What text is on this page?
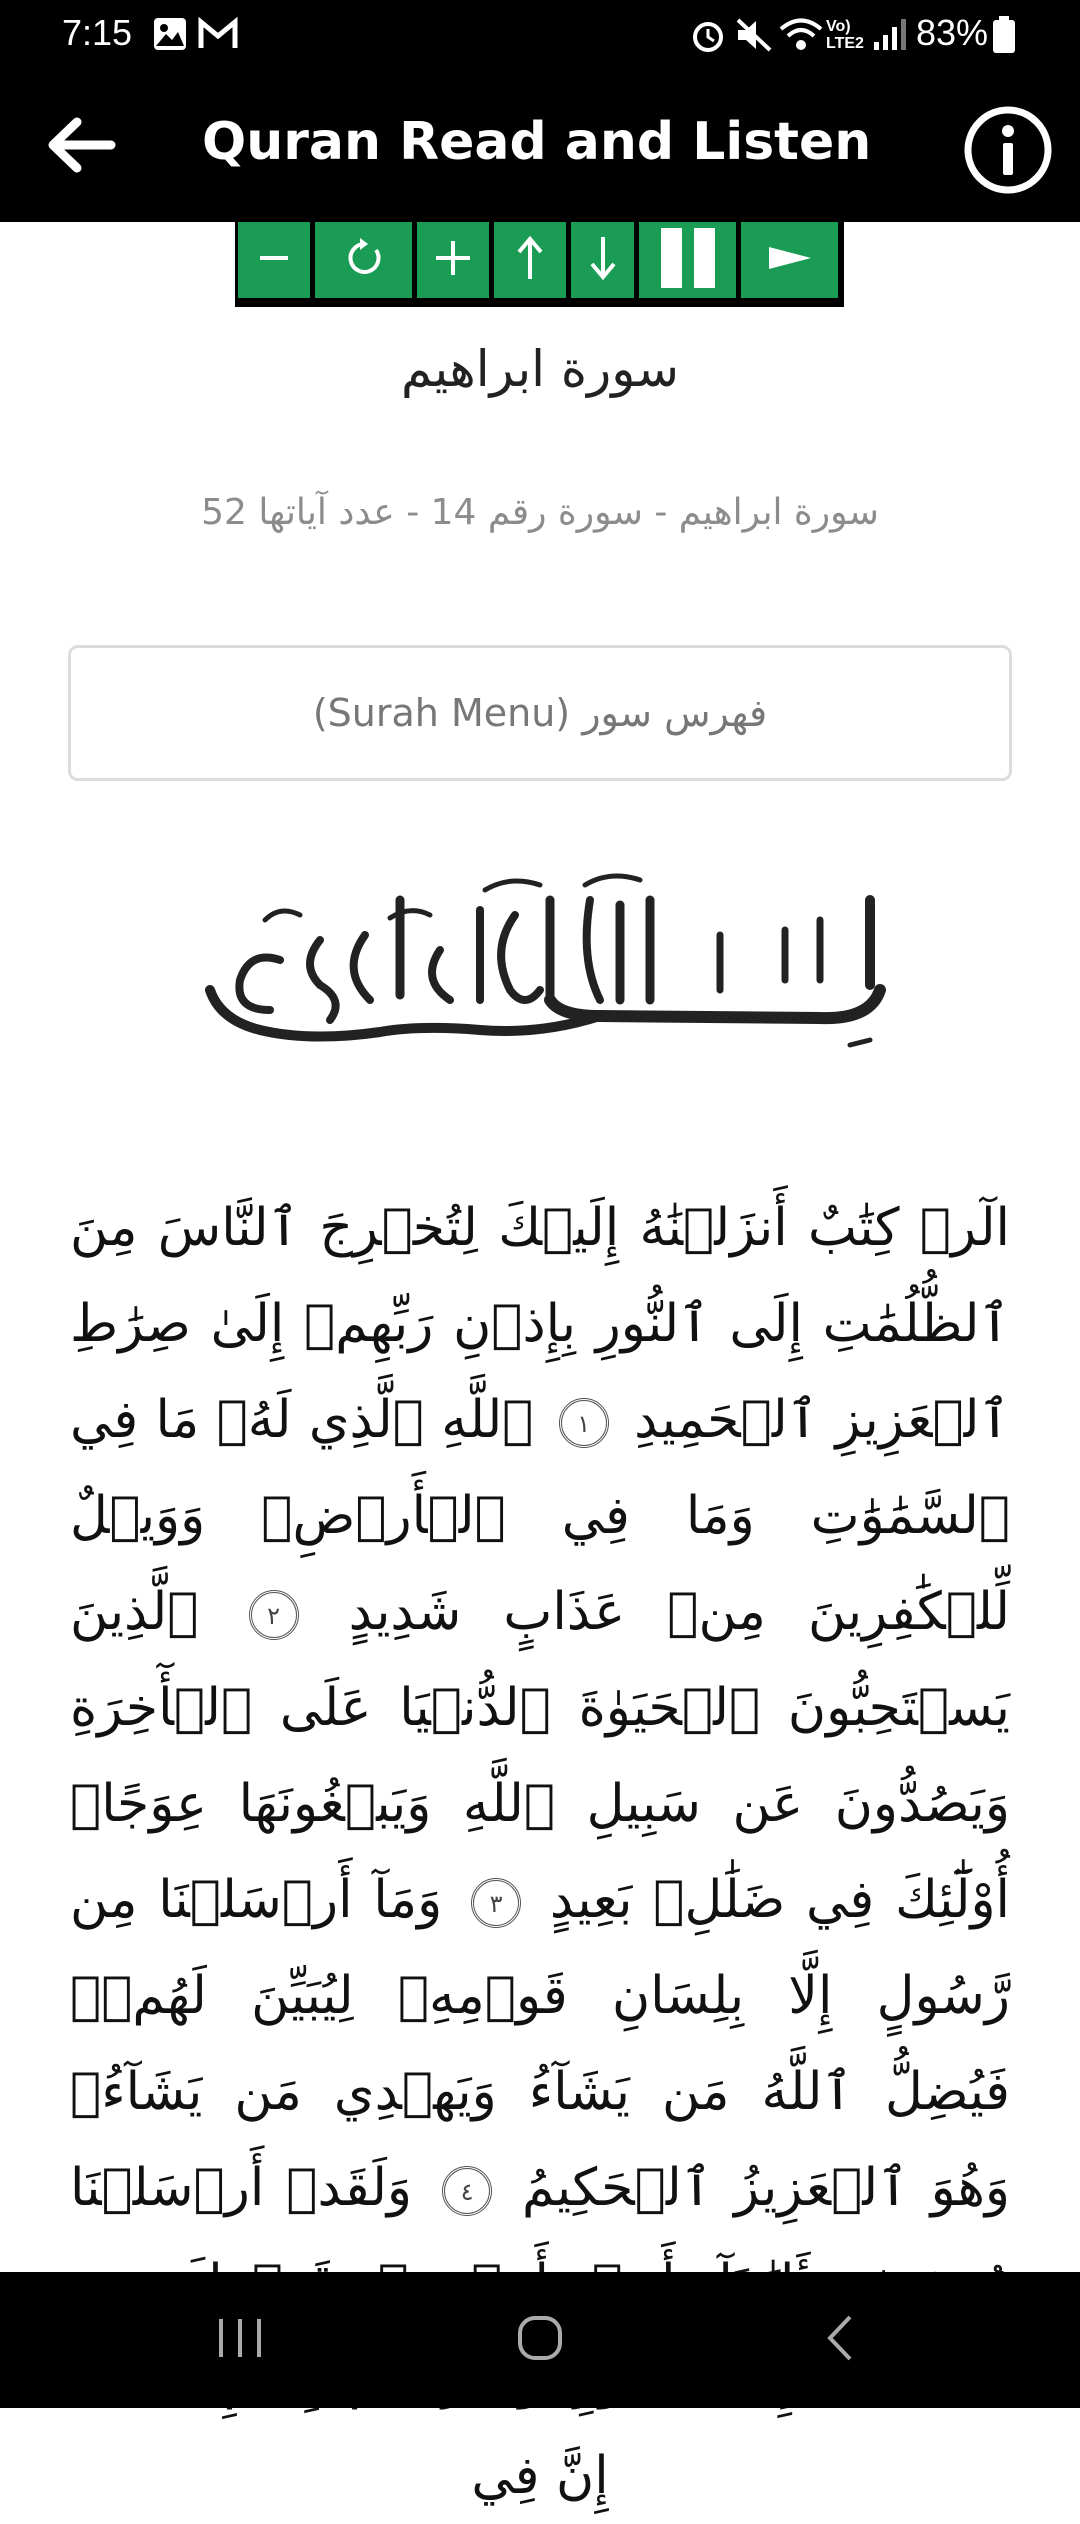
7:15	Vo)
LTE2 83%
Quran Read and Listen
سورة ابراهيم
سورة ابراهيم - سورة رقم 14 - عدد آياتها 52
فهرس سور (Surah Menu)
الٓرۚ كِتَٰبٌ أَنزَلۡنَٰهُ إِلَيۡكَ لِتُخۡرِجَ ٱلنَّاسَ مِنَ ٱلظُّلُمَٰتِ إِلَى ٱلنُّورِ بِإِذۡنِ رَبِّهِمۡ إِلَىٰ صِرَٰطِ ٱلۡعَزِيزِ ٱلۡحَمِيدِ ١ ٱللَّهِ ٱلَّذِي لَهُۥ مَا فِي ٱلسَّمَٰوَٰتِ وَمَا فِي ٱلۡأَرۡضِۗ وَوَيۡلٌ لِّلۡكَٰفِرِينَ مِنۡ عَذَابٍ شَدِيدٍ ٢ ٱلَّذِينَ يَسۡتَحِبُّونَ ٱلۡحَيَوٰةَ ٱلدُّنۡيَا عَلَى ٱلۡأٓخِرَةِ وَيَصُدُّونَ عَن سَبِيلِ ٱللَّهِ وَيَبۡغُونَهَا عِوَجًاۚ أُوْلَٰٓئِكَ فِي ضَلَٰلِۢ بَعِيدٍ ٣ وَمَآ أَرۡسَلۡنَا مِن رَّسُولٍ إِلَّا بِلِسَانِ قَوۡمِهِۦ لِيُبَيِّنَ لَهُمۡۖ فَيُضِلُّ ٱللَّهُ مَن يَشَآءُ وَيَهۡدِي مَن يَشَآءُۚ وَهُوَ ٱلۡعَزِيزُ ٱلۡحَكِيمُ ٤ وَلَقَدۡ أَرۡسَلۡنَا إِنَّ فِي
